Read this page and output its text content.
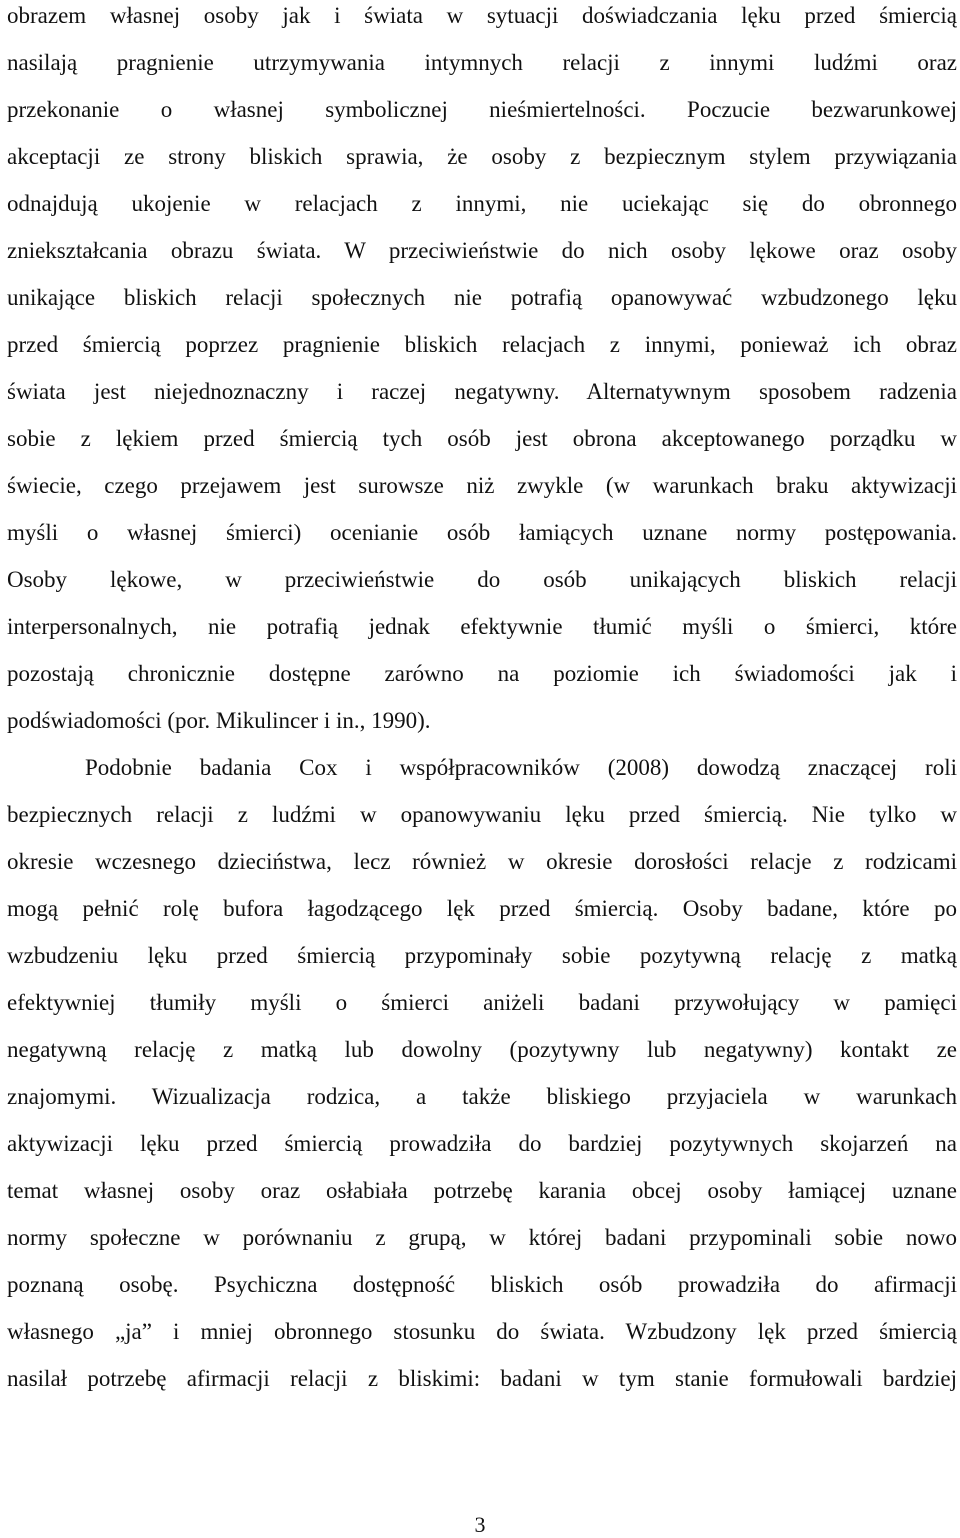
obrazem własnej osoby jak i świata w sytuacji doświadczania lęku przed śmiercią
nasilają pragnienie utrzymywania intymnych relacji z innymi ludźmi oraz
przekonanie o własnej symbolicznej nieśmiertelności. Poczucie bezwarunkowej
akceptacji ze strony bliskich sprawia, że osoby z bezpiecznym stylem przywiązania
odnajdują ukojenie w relacjach z innymi, nie uciekając się do obronnego
zniekształcania obrazu świata. W przeciwieństwie do nich osoby lękowe oraz osoby
unikające bliskich relacji społecznych nie potrafią opanowywać wzbudzonego lęku
przed śmiercią poprzez pragnienie bliskich relacjach z innymi, ponieważ ich obraz
świata jest niejednoznaczny i raczej negatywny. Alternatywnym sposobem radzenia
sobie z lękiem przed śmiercią tych osób jest obrona akceptowanego porządku w
świecie, czego przejawem jest surowsze niż zwykle (w warunkach braku aktywizacji
myśli o własnej śmierci) ocenianie osób łamiących uznane normy postępowania.
Osoby lękowe, w przeciwieństwie do osób unikających bliskich relacji
interpersonalnych, nie potrafią jednak efektywnie tłumić myśli o śmierci, które
pozostają chronicznie dostępne zarówno na poziomie ich świadomości jak i
podświadomości (por. Mikulincer i in., 1990).
Podobnie badania Cox i współpracowników (2008) dowodzą znaczącej roli
bezpiecznych relacji z ludźmi w opanowywaniu lęku przed śmiercią. Nie tylko w
okresie wczesnego dzieciństwa, lecz również w okresie dorosłości relacje z rodzicami
mogą pełnić rolę bufora łagodzącego lęk przed śmiercią. Osoby badane, które po
wzbudzeniu lęku przed śmiercią przypominały sobie pozytywną relację z matką
efektywniej tłumiły myśli o śmierci aniżeli badani przywołujący w pamięci
negatywną relację z matką lub dowolny (pozytywny lub negatywny) kontakt ze
znajomymi. Wizualizacja rodzica, a także bliskiego przyjaciela w warunkach
aktywizacji lęku przed śmiercią prowadziła do bardziej pozytywnych skojarzeń na
temat własnej osoby oraz osłabiała potrzebę karania obcej osoby łamiącej uznane
normy społeczne w porównaniu z grupą, w której badani przypominali sobie nowo
poznaną osobę. Psychiczna dostępność bliskich osób prowadziła do afirmacji
własnego „ja” i mniej obronnego stosunku do świata. Wzbudzony lęk przed śmiercią
nasilał potrzebę afirmacji relacji z bliskimi: badani w tym stanie formułowali bardziej
3
